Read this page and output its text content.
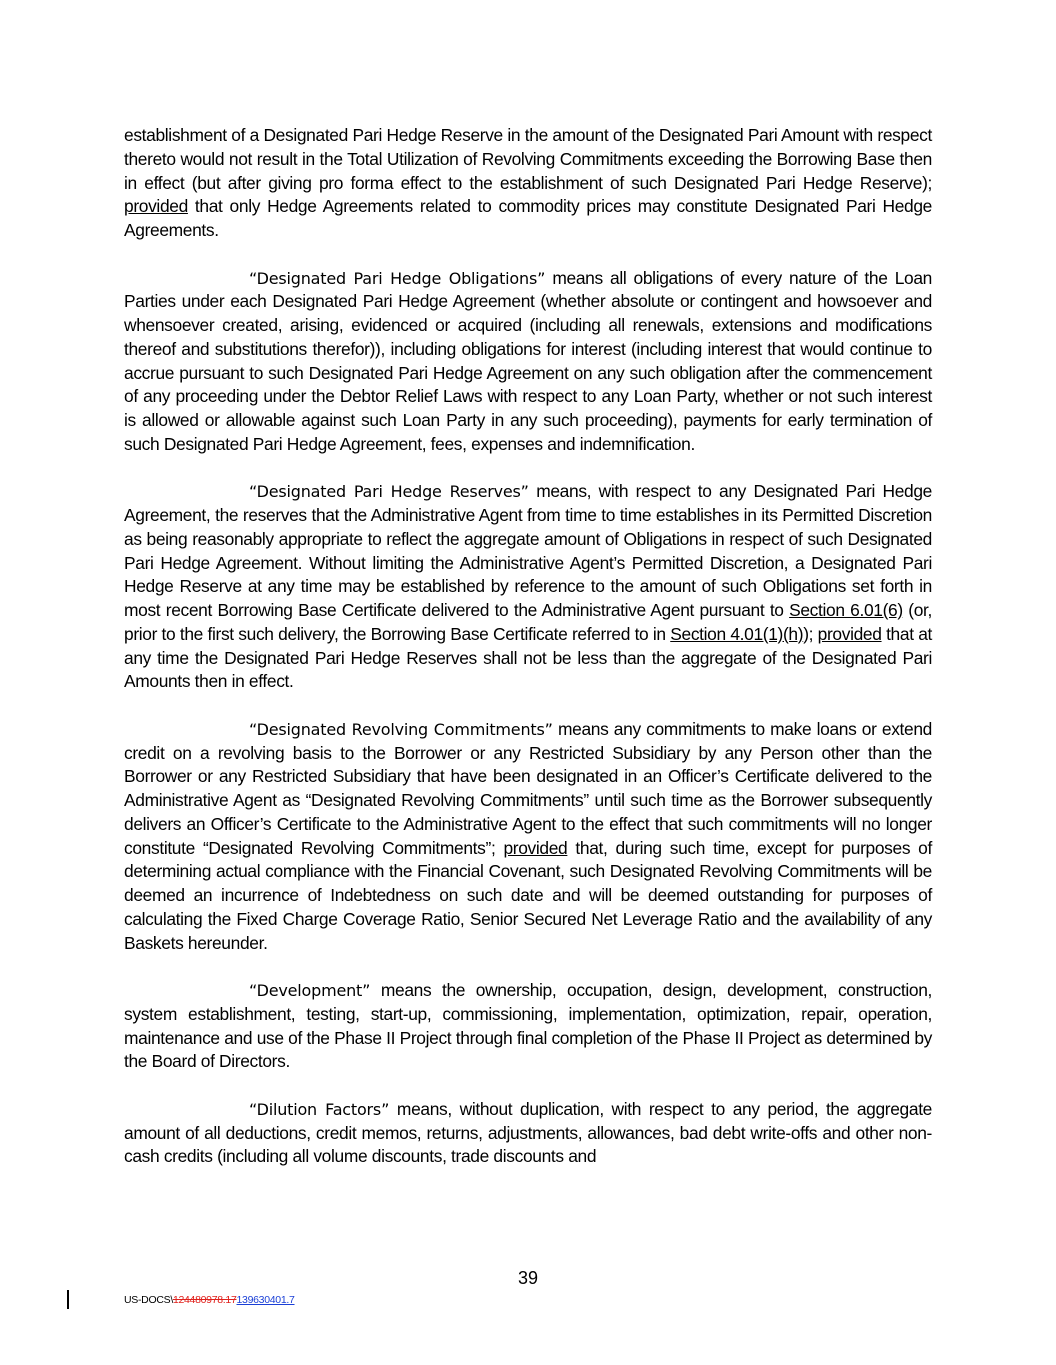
establishment of a Designated Pari Hedge Reserve in the amount of the Designated Pari Amount with respect thereto would not result in the Total Utilization of Revolving Commitments exceeding the Borrowing Base then in effect (but after giving pro forma effect to the establishment of such Designated Pari Hedge Reserve); provided that only Hedge Agreements related to commodity prices may constitute Designated Pari Hedge Agreements.

“Designated Pari Hedge Obligations” means all obligations of every nature of the Loan Parties under each Designated Pari Hedge Agreement (whether absolute or contingent and howsoever and whensoever created, arising, evidenced or acquired (including all renewals, extensions and modifications thereof and substitutions therefor)), including obligations for interest (including interest that would continue to accrue pursuant to such Designated Pari Hedge Agreement on any such obligation after the commencement of any proceeding under the Debtor Relief Laws with respect to any Loan Party, whether or not such interest is allowed or allowable against such Loan Party in any such proceeding), payments for early termination of such Designated Pari Hedge Agreement, fees, expenses and indemnification.

“Designated Pari Hedge Reserves” means, with respect to any Designated Pari Hedge Agreement, the reserves that the Administrative Agent from time to time establishes in its Permitted Discretion as being reasonably appropriate to reflect the aggregate amount of Obligations in respect of such Designated Pari Hedge Agreement. Without limiting the Administrative Agent’s Permitted Discretion, a Designated Pari Hedge Reserve at any time may be established by reference to the amount of such Obligations set forth in most recent Borrowing Base Certificate delivered to the Administrative Agent pursuant to Section 6.01(6) (or, prior to the first such delivery, the Borrowing Base Certificate referred to in Section 4.01(1)(h)); provided that at any time the Designated Pari Hedge Reserves shall not be less than the aggregate of the Designated Pari Amounts then in effect.

“Designated Revolving Commitments” means any commitments to make loans or extend credit on a revolving basis to the Borrower or any Restricted Subsidiary by any Person other than the Borrower or any Restricted Subsidiary that have been designated in an Officer’s Certificate delivered to the Administrative Agent as “Designated Revolving Commitments” until such time as the Borrower subsequently delivers an Officer’s Certificate to the Administrative Agent to the effect that such commitments will no longer constitute “Designated Revolving Commitments”; provided that, during such time, except for purposes of determining actual compliance with the Financial Covenant, such Designated Revolving Commitments will be deemed an incurrence of Indebtedness on such date and will be deemed outstanding for purposes of calculating the Fixed Charge Coverage Ratio, Senior Secured Net Leverage Ratio and the availability of any Baskets hereunder.

“Development” means the ownership, occupation, design, development, construction, system establishment, testing, start-up, commissioning, implementation, optimization, repair, operation, maintenance and use of the Phase II Project through final completion of the Phase II Project as determined by the Board of Directors.

“Dilution Factors” means, without duplication, with respect to any period, the aggregate amount of all deductions, credit memos, returns, adjustments, allowances, bad debt write-offs and other non-cash credits (including all volume discounts, trade discounts and

39
US-DOCS\124480978.17139630401.7
